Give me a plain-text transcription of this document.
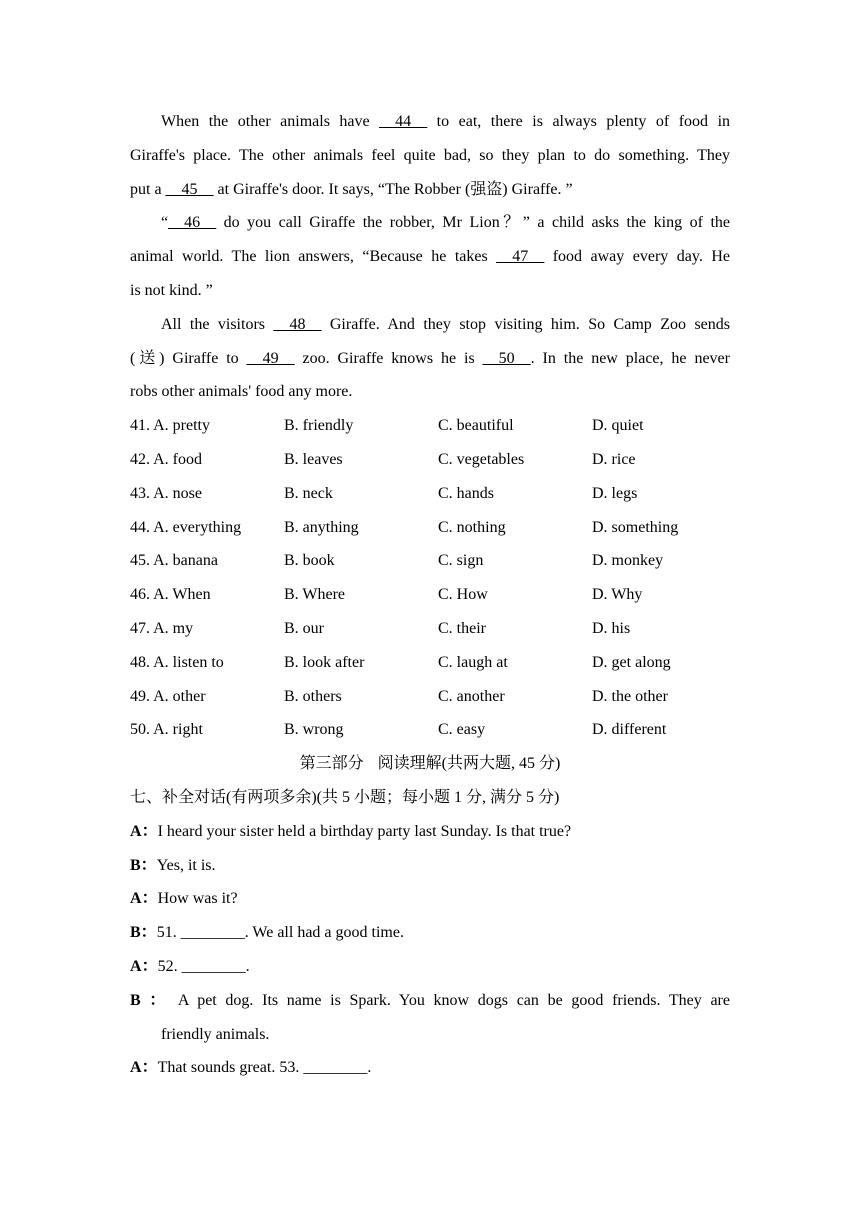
When the other animals have __44__ to eat, there is always plenty of food in
Giraffe's place. The other animals feel quite bad, so they plan to do something. They
put a __45__ at Giraffe's door. It says, “The Robber (强盗) Giraffe. ”
“__46__ do you call Giraffe the robber, Mr Lion？” a child asks the king of the
animal world. The lion answers, “Because he takes __47__ food away every day. He
is not kind. ”
All the visitors __48__ Giraffe. And they stop visiting him. So Camp Zoo sends
(送) Giraffe to __49__ zoo. Giraffe knows he is __50__. In the new place, he never
robs other animals' food any more.
41. A. pretty	B. friendly	C. beautiful	D. quiet
42. A. food	B. leaves	C. vegetables	D. rice
43. A. nose	B. neck	C. hands	D. legs
44. A. everything	B. anything	C. nothing	D. something
45. A. banana	B. book	C. sign	D. monkey
46. A. When	B. Where	C. How	D. Why
47. A. my	B. our	C. their	D. his
48. A. listen to	B. look after	C. laugh at	D. get along
49. A. other	B. others	C. another	D. the other
50. A. right	B. wrong	C. easy	D. different
第三部分 阅读理解(共两大题, 45 分)
七、补全对话(有两项多余)(共 5 小题；每小题 1 分, 满分 5 分)
A：I heard your sister held a birthday party last Sunday. Is that true?
B：Yes, it is.
A：How was it?
B：51. ________. We all had a good time.
A：52. ________.
B ： A pet dog. Its name is Spark. You know dogs can be good friends. They are
friendly animals.
A：That sounds great. 53. ________.
